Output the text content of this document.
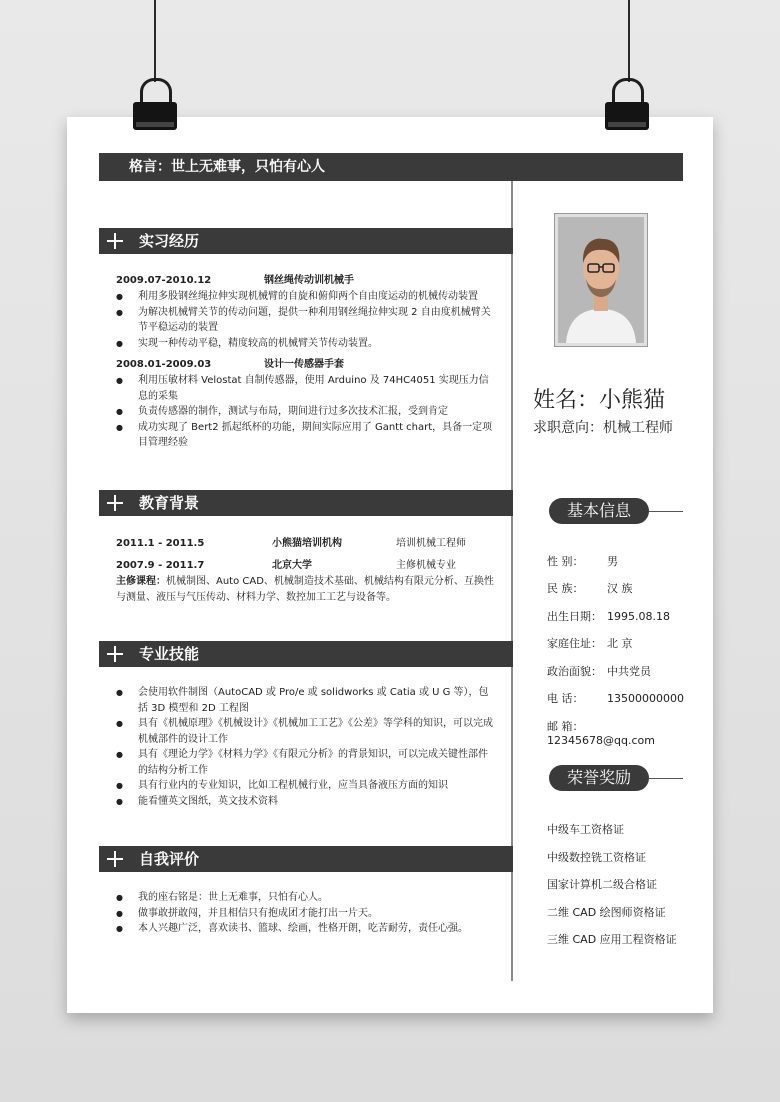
格言：世上无难事，只怕有心人
实习经历
2009.07-2010.12	钢丝绳传动训机械手
● 利用多股钢丝绳拉伸实现机械臂的自旋和俯仰两个自由度运动的机械传动装置
● 为解决机械臂关节的传动问题，提供一种利用钢丝绳拉伸实现 2 自由度机械臂关节平稳运动的装置
● 实现一种传动平稳，精度较高的机械臂关节传动装置。
2008.01-2009.03	设计一传感器手套
● 利用压敏材料 Velostat 自制传感器，使用 Arduino 及 74HC4051 实现压力信息的采集
● 负责传感器的制作，测试与布局，期间进行过多次技术汇报，受到肯定
● 成功实现了 Bert2 抓起纸杯的功能，期间实际应用了 Gantt chart，具备一定项目管理经验
教育背景
2011.1 - 2011.5	小熊猫培训机构	培训机械工程师
2007.9 - 2011.7	北京大学	主修机械专业
主修课程：机械制图、Auto CAD、机械制造技术基础、机械结构有限元分析、互换性与测量、液压与气压传动、材料力学、数控加工工艺与设备等。
专业技能
● 会使用软件制图（AutoCAD 或 Pro/e 或 solidworks 或 Catia 或 U G 等），包括 3D 模型和 2D 工程图
● 具有《机械原理》《机械设计》《机械加工工艺》《公差》等学科的知识，可以完成机械部件的设计工作
● 具有《理论力学》《材料力学》《有限元分析》的背景知识，可以完成关键性部件的结构分析工作
● 具有行业内的专业知识，比如工程机械行业，应当具备液压方面的知识
● 能看懂英文图纸，英文技术资料
自我评价
● 我的座右铭是：世上无难事，只怕有心人。
● 做事敢拼敢闯，并且相信只有抱成团才能打出一片天。
● 本人兴趣广泛，喜欢读书、篮球、绘画，性格开朗，吃苦耐劳，责任心强。
姓名：小熊猫
求职意向：机械工程师
基本信息
性 别： 男
民 族： 汉 族
出生日期： 1995.08.18
家庭住址： 北 京
政治面貌： 中共党员
电 话： 13500000000
邮 箱：12345678@qq.com
荣誉奖励
中级车工资格证
中级数控铣工资格证
国家计算机二级合格证
二维 CAD 绘图师资格证
三维 CAD 应用工程资格证
